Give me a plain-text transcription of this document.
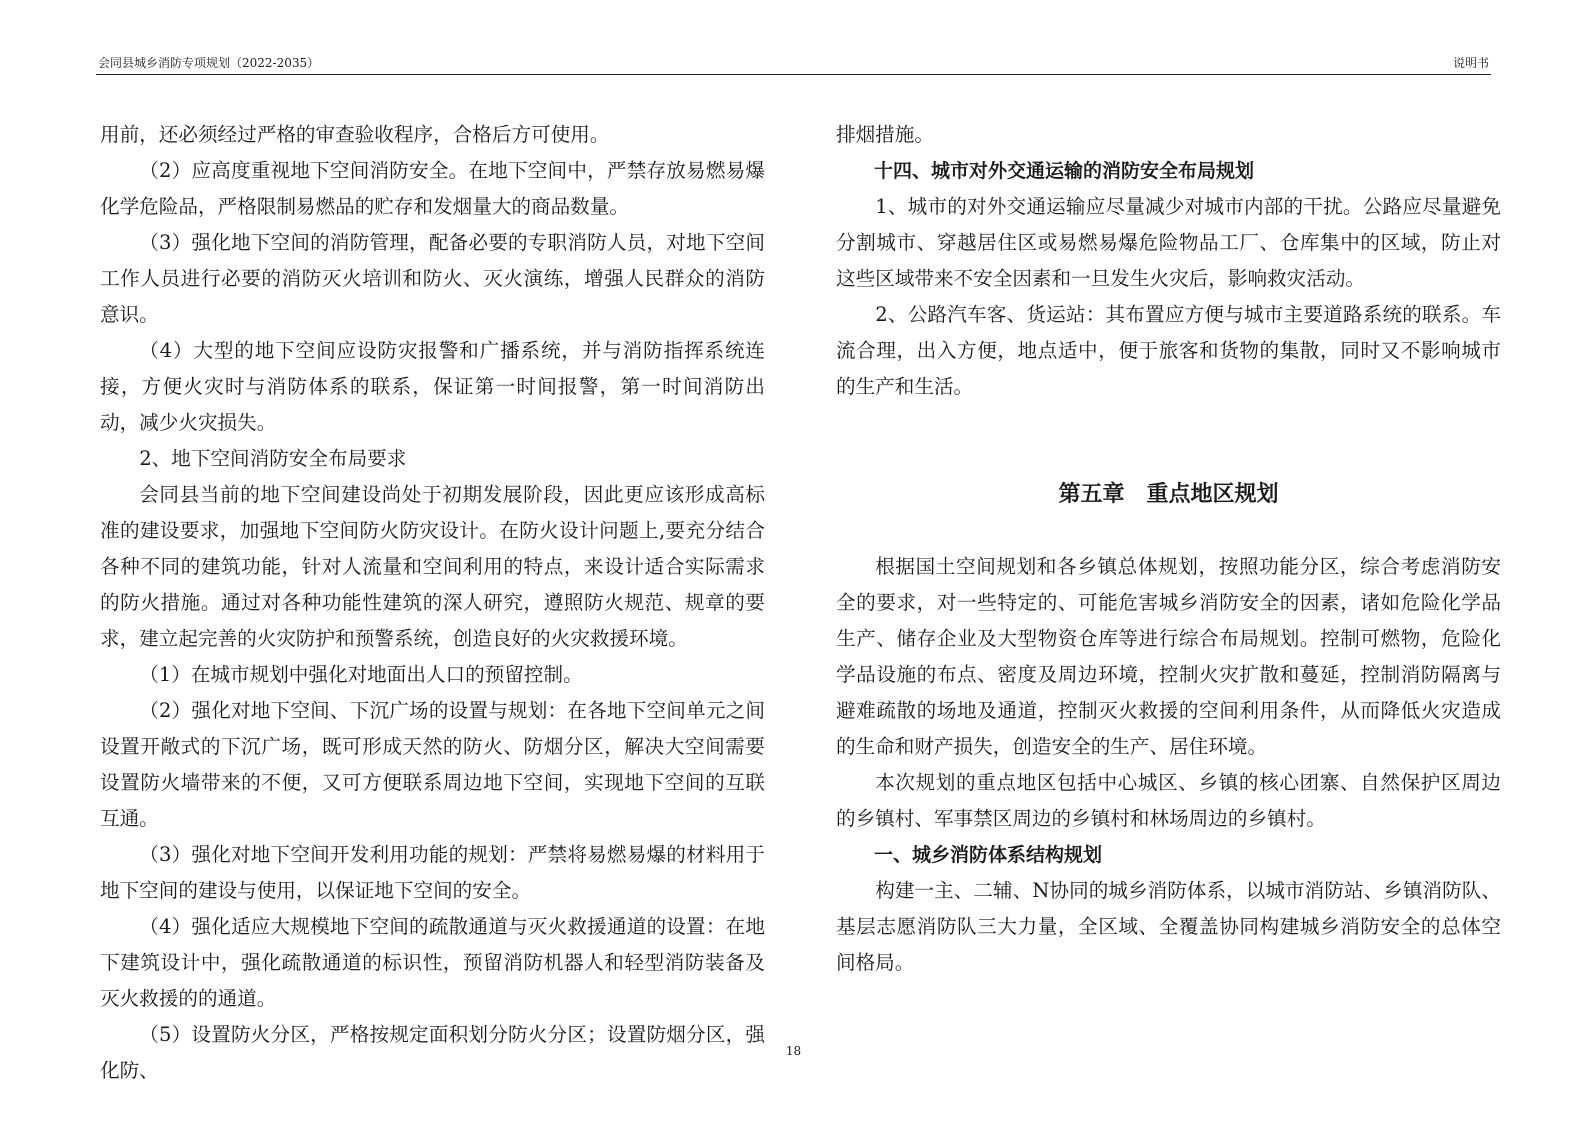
会同县城乡消防专项规划（2022-2035）	说明书

用前，还必须经过严格的审查验收程序，合格后方可使用。

（2）应高度重视地下空间消防安全。在地下空间中，严禁存放易燃易爆化学危险品，严格限制易燃品的贮存和发烟量大的商品数量。

（3）强化地下空间的消防管理，配备必要的专职消防人员，对地下空间工作人员进行必要的消防灭火培训和防火、灭火演练，增强人民群众的消防意识。

（4）大型的地下空间应设防灾报警和广播系统，并与消防指挥系统连接，方便火灾时与消防体系的联系，保证第一时间报警，第一时间消防出动，减少火灾损失。

2、地下空间消防安全布局要求

会同县当前的地下空间建设尚处于初期发展阶段，因此更应该形成高标准的建设要求，加强地下空间防火防灾设计。在防火设计问题上,要充分结合各种不同的建筑功能，针对人流量和空间利用的特点，来设计适合实际需求的防火措施。通过对各种功能性建筑的深人研究，遵照防火规范、规章的要求，建立起完善的火灾防护和预警系统，创造良好的火灾救援环境。

（1）在城市规划中强化对地面出人口的预留控制。

（2）强化对地下空间、下沉广场的设置与规划：在各地下空间单元之间设置开敞式的下沉广场，既可形成天然的防火、防烟分区，解决大空间需要设置防火墙带来的不便，又可方便联系周边地下空间，实现地下空间的互联互通。

（3）强化对地下空间开发利用功能的规划：严禁将易燃易爆的材料用于地下空间的建设与使用，以保证地下空间的安全。

（4）强化适应大规模地下空间的疏散通道与灭火救援通道的设置：在地下建筑设计中，强化疏散通道的标识性，预留消防机器人和轻型消防装备及灭火救援的的通道。

（5）设置防火分区，严格按规定面积划分防火分区；设置防烟分区，强化防、

排烟措施。

十四、城市对外交通运输的消防安全布局规划

1、城市的对外交通运输应尽量减少对城市内部的干扰。公路应尽量避免分割城市、穿越居住区或易燃易爆危险物品工厂、仓库集中的区域，防止对这些区域带来不安全因素和一旦发生火灾后，影响救灾活动。

2、公路汽车客、货运站：其布置应方便与城市主要道路系统的联系。车流合理，出入方便，地点适中，便于旅客和货物的集散，同时又不影响城市的生产和生活。

第五章　重点地区规划

根据国土空间规划和各乡镇总体规划，按照功能分区，综合考虑消防安全的要求，对一些特定的、可能危害城乡消防安全的因素，诸如危险化学品生产、储存企业及大型物资仓库等进行综合布局规划。控制可燃物，危险化学品设施的布点、密度及周边环境，控制火灾扩散和蔓延，控制消防隔离与避难疏散的场地及通道，控制灭火救援的空间利用条件，从而降低火灾造成的生命和财产损失，创造安全的生产、居住环境。

本次规划的重点地区包括中心城区、乡镇的核心团寨、自然保护区周边的乡镇村、军事禁区周边的乡镇村和林场周边的乡镇村。

一、城乡消防体系结构规划

构建一主、二辅、N协同的城乡消防体系，以城市消防站、乡镇消防队、基层志愿消防队三大力量，全区域、全覆盖协同构建城乡消防安全的总体空间格局。

18
